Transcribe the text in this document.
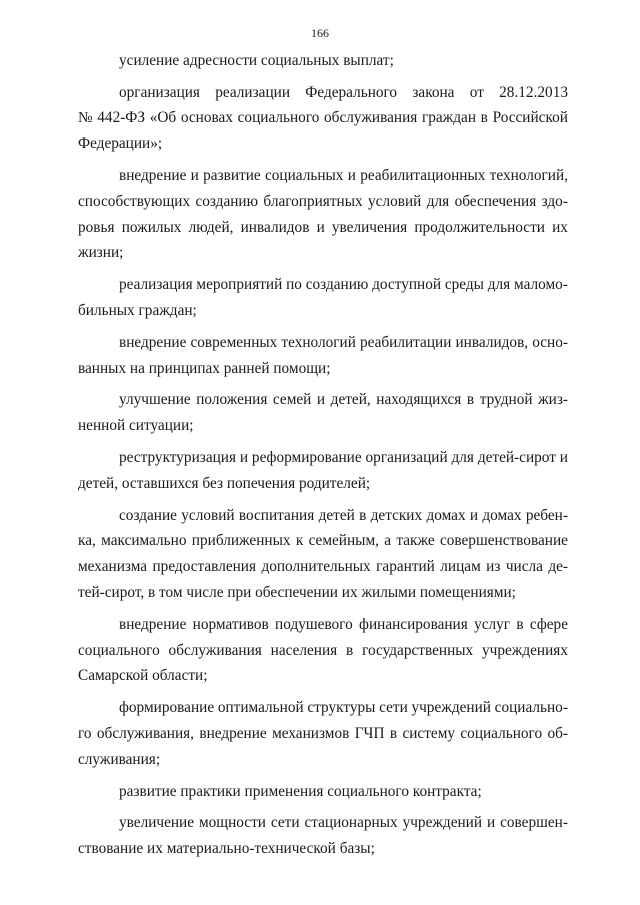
166
усиление адресности социальных выплат;
организация реализации Федерального закона от 28.12.2013
№ 442-ФЗ «Об основах социального обслуживания граждан в Российской
Федерации»;
внедрение и развитие социальных и реабилитационных технологий,
способствующих созданию благоприятных условий для обеспечения здо-
ровья пожилых людей, инвалидов и увеличения продолжительности их
жизни;
реализация мероприятий по созданию доступной среды для маломо-
бильных граждан;
внедрение современных технологий реабилитации инвалидов, осно-
ванных на принципах ранней помощи;
улучшение положения семей и детей, находящихся в трудной жиз-
ненной ситуации;
реструктуризация и реформирование организаций для детей-сирот и
детей, оставшихся без попечения родителей;
создание условий воспитания детей в детских домах и домах ребен-
ка, максимально приближенных к семейным, а также совершенствование
механизма предоставления дополнительных гарантий лицам из числа де-
тей-сирот, в том числе при обеспечении их жилыми помещениями;
внедрение нормативов подушевого финансирования услуг в сфере
социального обслуживания населения в государственных учреждениях
Самарской области;
формирование оптимальной структуры сети учреждений социально-
го обслуживания, внедрение механизмов ГЧП в систему социального об-
служивания;
развитие практики применения социального контракта;
увеличение мощности сети стационарных учреждений и совершен-
ствование их материально-технической базы;
